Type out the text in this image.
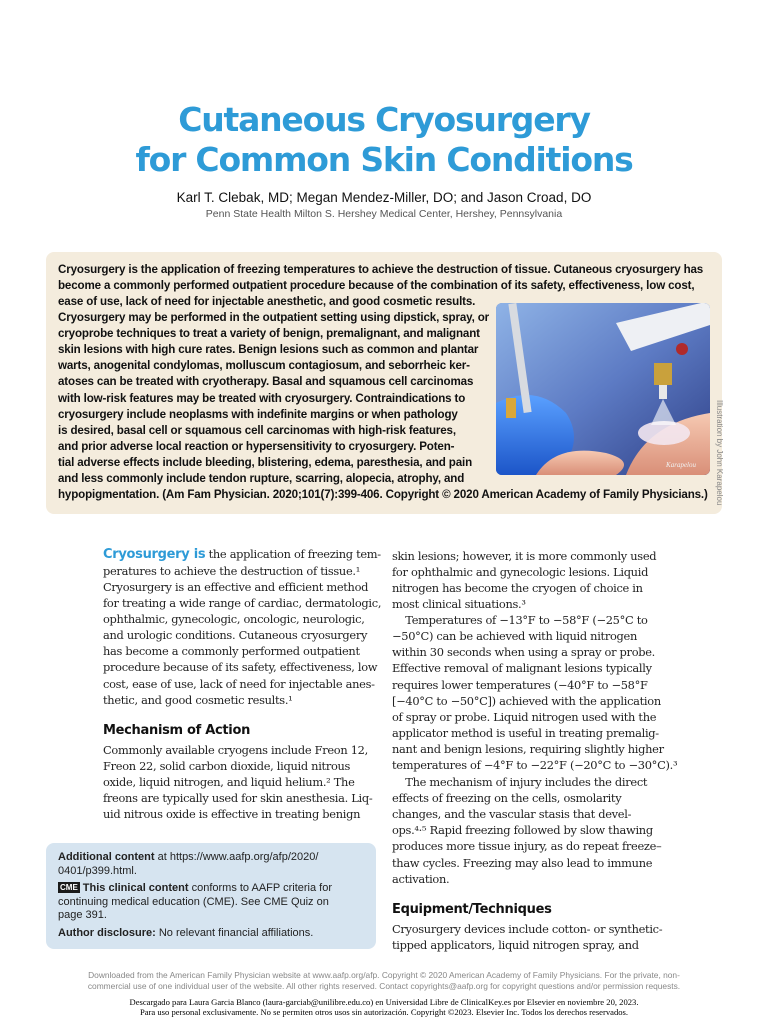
Cutaneous Cryosurgery
for Common Skin Conditions
Karl T. Clebak, MD; Megan Mendez-Miller, DO; and Jason Croad, DO
Penn State Health Milton S. Hershey Medical Center, Hershey, Pennsylvania
Cryosurgery is the application of freezing temperatures to achieve the destruction of tissue. Cutaneous cryosurgery has
become a commonly performed outpatient procedure because of the combination of its safety, effectiveness, low cost,
ease of use, lack of need for injectable anesthetic, and good cosmetic results.
Cryosurgery may be performed in the outpatient setting using dipstick, spray, or
cryoprobe techniques to treat a variety of benign, premalignant, and malignant
skin lesions with high cure rates. Benign lesions such as common and plantar
warts, anogenital condylomas, molluscum contagiosum, and seborrheic ker-
atoses can be treated with cryotherapy. Basal and squamous cell carcinomas
with low-risk features may be treated with cryosurgery. Contraindications to
cryosurgery include neoplasms with indefinite margins or when pathology
is desired, basal cell or squamous cell carcinomas with high-risk features,
and prior adverse local reaction or hypersensitivity to cryosurgery. Poten-
tial adverse effects include bleeding, blistering, edema, paresthesia, and pain
and less commonly include tendon rupture, scarring, alopecia, atrophy, and
hypopigmentation. (Am Fam Physician. 2020;101(7):399-406. Copyright © 2020 American Academy of Family Physicians.)
Karapelou Illustration by John Karapelou
Cryosurgery is the application of freezing tem-
peratures to achieve the destruction of tissue.¹
Cryosurgery is an effective and efficient method
for treating a wide range of cardiac, dermatologic,
ophthalmic, gynecologic, oncologic, neurologic,
and urologic conditions. Cutaneous cryosurgery
has become a commonly performed outpatient
procedure because of its safety, effectiveness, low
cost, ease of use, lack of need for injectable anes-
thetic, and good cosmetic results.¹
Mechanism of Action
Commonly available cryogens include Freon 12,
Freon 22, solid carbon dioxide, liquid nitrous
oxide, liquid nitrogen, and liquid helium.² The
freons are typically used for skin anesthesia. Liq-
uid nitrous oxide is effective in treating benign
Additional content at https://www.aafp.org/afp/2020/
0401/p399.html.
CME This clinical content conforms to AAFP criteria for
continuing medical education (CME). See CME Quiz on
page 391.
Author disclosure: No relevant financial affiliations.
skin lesions; however, it is more commonly used
for ophthalmic and gynecologic lesions. Liquid
nitrogen has become the cryogen of choice in
most clinical situations.³
Temperatures of −13°F to −58°F (−25°C to
−50°C) can be achieved with liquid nitrogen
within 30 seconds when using a spray or probe.
Effective removal of malignant lesions typically
requires lower temperatures (−40°F to −58°F
[−40°C to −50°C]) achieved with the application
of spray or probe. Liquid nitrogen used with the
applicator method is useful in treating premalig-
nant and benign lesions, requiring slightly higher
temperatures of −4°F to −22°F (−20°C to −30°C).³
The mechanism of injury includes the direct
effects of freezing on the cells, osmolarity
changes, and the vascular stasis that devel-
ops.⁴·⁵ Rapid freezing followed by slow thawing
produces more tissue injury, as do repeat freeze–
thaw cycles. Freezing may also lead to immune
activation.
Equipment/Techniques
Cryosurgery devices include cotton- or synthetic-
tipped applicators, liquid nitrogen spray, and
Downloaded from the American Family Physician website at www.aafp.org/afp. Copyright © 2020 American Academy of Family Physicians. For the private, non-
commercial use of one individual user of the website. All other rights reserved. Contact copyrights@aafp.org for copyright questions and/or permission requests.
Descargado para Laura Garcia Blanco (laura-garciab@unilibre.edu.co) en Universidad Libre de ClinicalKey.es por Elsevier en noviembre 20, 2023.
Para uso personal exclusivamente. No se permiten otros usos sin autorización. Copyright ©2023. Elsevier Inc. Todos los derechos reservados.
